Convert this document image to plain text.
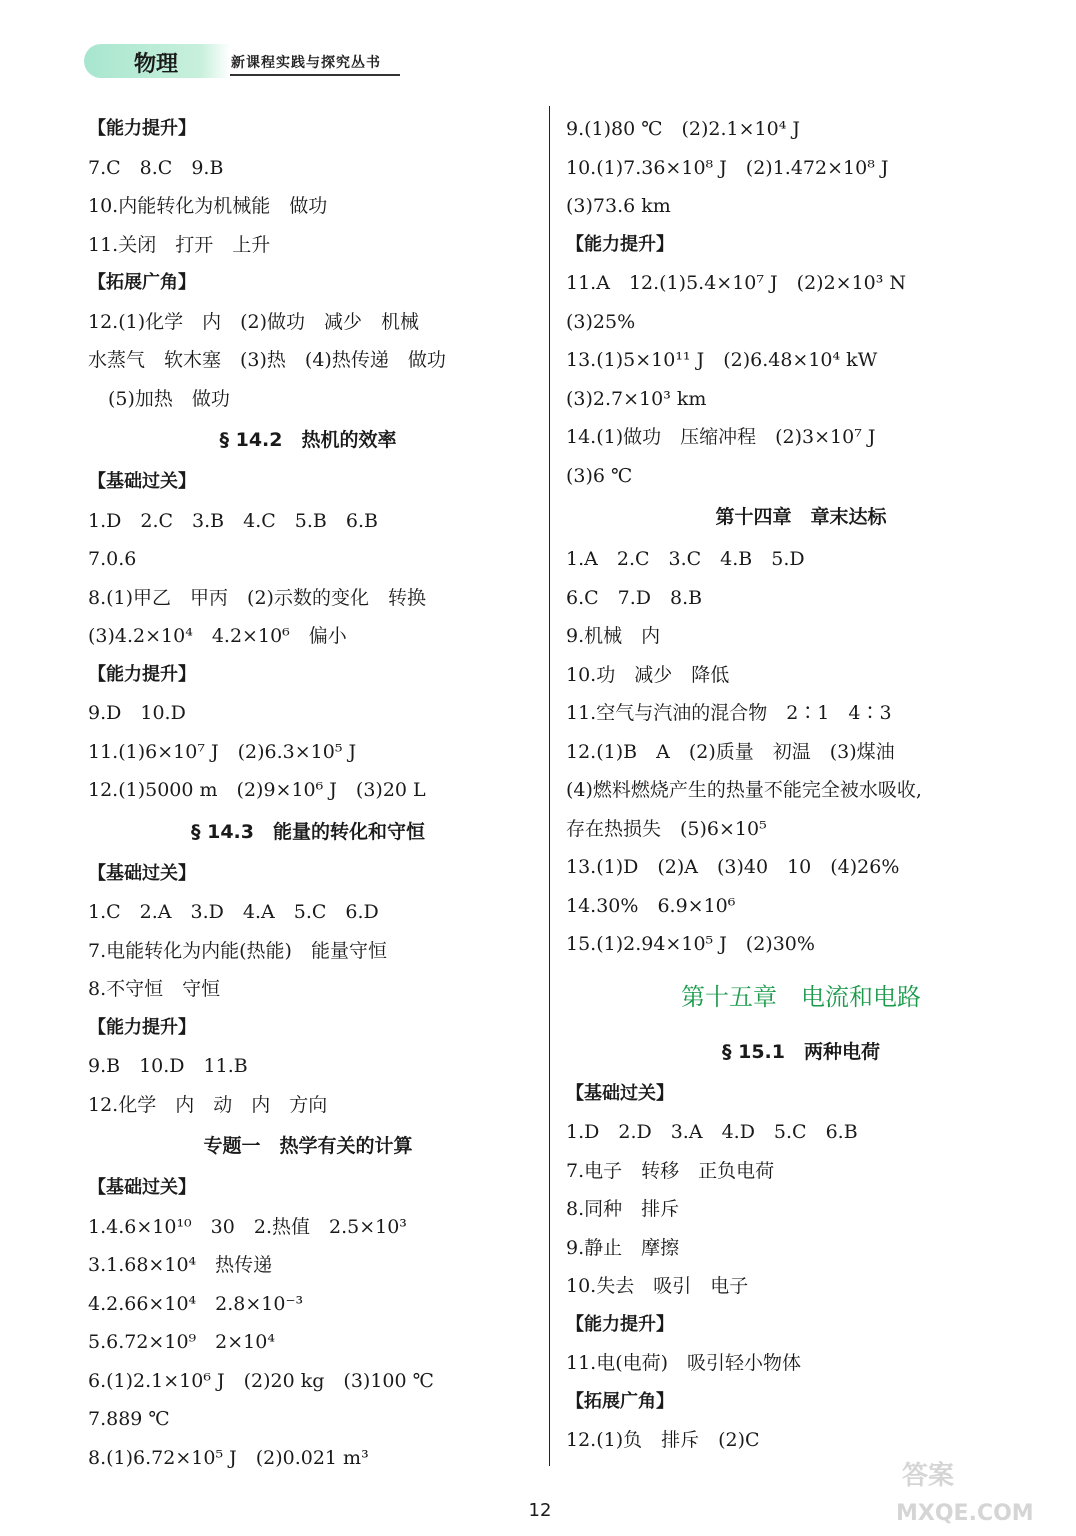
物理	新课程实践与探究丛书
【能力提升】
7.C　8.C　9.B
10.内能转化为机械能　做功
11.关闭　打开　上升
【拓展广角】
12.(1)化学　内　(2)做功　减少　机械
水蒸气　软木塞　(3)热　(4)热传递　做功
(5)加热　做功
§ 14.2　热机的效率
【基础过关】
1.D　2.C　3.B　4.C　5.B　6.B
7.0.6
8.(1)甲乙　甲丙　(2)示数的变化　转换
(3)4.2×10⁴　4.2×10⁶　偏小
【能力提升】
9.D　10.D
11.(1)6×10⁷ J　(2)6.3×10⁵ J
12.(1)5000 m　(2)9×10⁶ J　(3)20 L
§ 14.3　能量的转化和守恒
【基础过关】
1.C　2.A　3.D　4.A　5.C　6.D
7.电能转化为内能(热能)　能量守恒
8.不守恒　守恒
【能力提升】
9.B　10.D　11.B
12.化学　内　动　内　方向
专题一　热学有关的计算
【基础过关】
1.4.6×10¹⁰　30　2.热值　2.5×10³
3.1.68×10⁴　热传递
4.2.66×10⁴　2.8×10⁻³
5.6.72×10⁹　2×10⁴
6.(1)2.1×10⁶ J　(2)20 kg　(3)100 ℃
7.889 ℃
8.(1)6.72×10⁵ J　(2)0.021 m³
9.(1)80 ℃　(2)2.1×10⁴ J
10.(1)7.36×10⁸ J　(2)1.472×10⁸ J
(3)73.6 km
【能力提升】
11.A　12.(1)5.4×10⁷ J　(2)2×10³ N
(3)25%
13.(1)5×10¹¹ J　(2)6.48×10⁴ kW
(3)2.7×10³ km
14.(1)做功　压缩冲程　(2)3×10⁷ J
(3)6 ℃
第十四章　章末达标
1.A　2.C　3.C　4.B　5.D
6.C　7.D　8.B
9.机械　内
10.功　减少　降低
11.空气与汽油的混合物　2∶1　4∶3
12.(1)B　A　(2)质量　初温　(3)煤油
(4)燃料燃烧产生的热量不能完全被水吸收,
存在热损失　(5)6×10⁵
13.(1)D　(2)A　(3)40　10　(4)26%
14.30%　6.9×10⁶
15.(1)2.94×10⁵ J　(2)30%
第十五章　电流和电路
§ 15.1　两种电荷
【基础过关】
1.D　2.D　3.A　4.D　5.C　6.B
7.电子　转移　正负电荷
8.同种　排斥
9.静止　摩擦
10.失去　吸引　电子
【能力提升】
11.电(电荷)　吸引轻小物体
【拓展广角】
12.(1)负　排斥　(2)C
12
答案
MXQE.COM
